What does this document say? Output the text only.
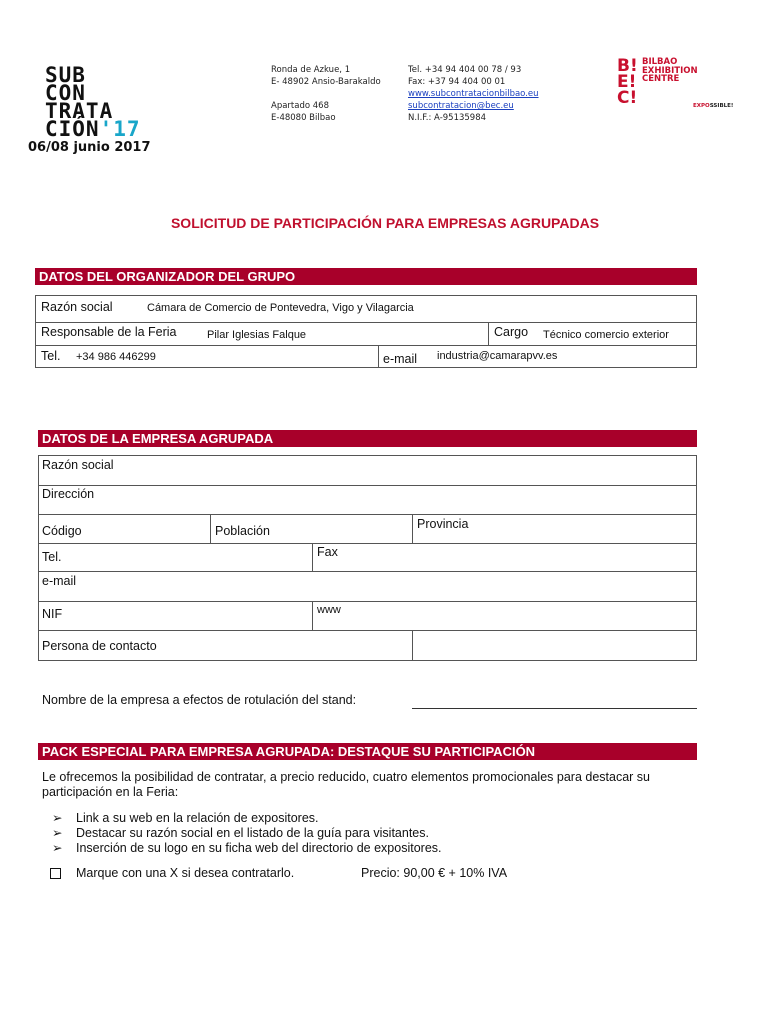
SUB
CON
TRATA
CIÓN'17
06/08 junio 2017
Ronda de Azkue, 1
E- 48902 Ansio-Barakaldo
Apartado 468
E-48080 Bilbao
Tel. +34 94 404 00 78 / 93
Fax: +37 94 404 00 01
www.subcontratacionbilbao.eu
subcontratacion@bec.eu
N.I.F.: A-95135984
B!
E!
C!
BILBAO
EXHIBITION
CENTRE
EXPOSSIBLE!
SOLICITUD DE PARTICIPACIÓN PARA EMPRESAS AGRUPADAS
DATOS DEL ORGANIZADOR DEL GRUPO
Razón social	Cámara de Comercio de Pontevedra, Vigo y Vilagarcia
Responsable de la Feria	Pilar Iglesias Falque	Cargo Técnico comercio exterior
Tel. +34 986 446299	e-mail industria@camarapvv.es
DATOS DE LA EMPRESA AGRUPADA
Razón social
Dirección
Código	Población	Provincia
Tel.	Fax
e-mail
NIF	www
Persona de contacto
Nombre de la empresa a efectos de rotulación del stand:
PACK ESPECIAL PARA EMPRESA AGRUPADA: DESTAQUE SU PARTICIPACIÓN
Le ofrecemos la posibilidad de contratar, a precio reducido, cuatro elementos promocionales para destacar su participación en la Feria:
➢ Link a su web en la relación de expositores.
➢ Destacar su razón social en el listado de la guía para visitantes.
➢ Inserción de su logo en su ficha web del directorio de expositores.
Marque con una X si desea contratarlo.	Precio: 90,00 € + 10% IVA
